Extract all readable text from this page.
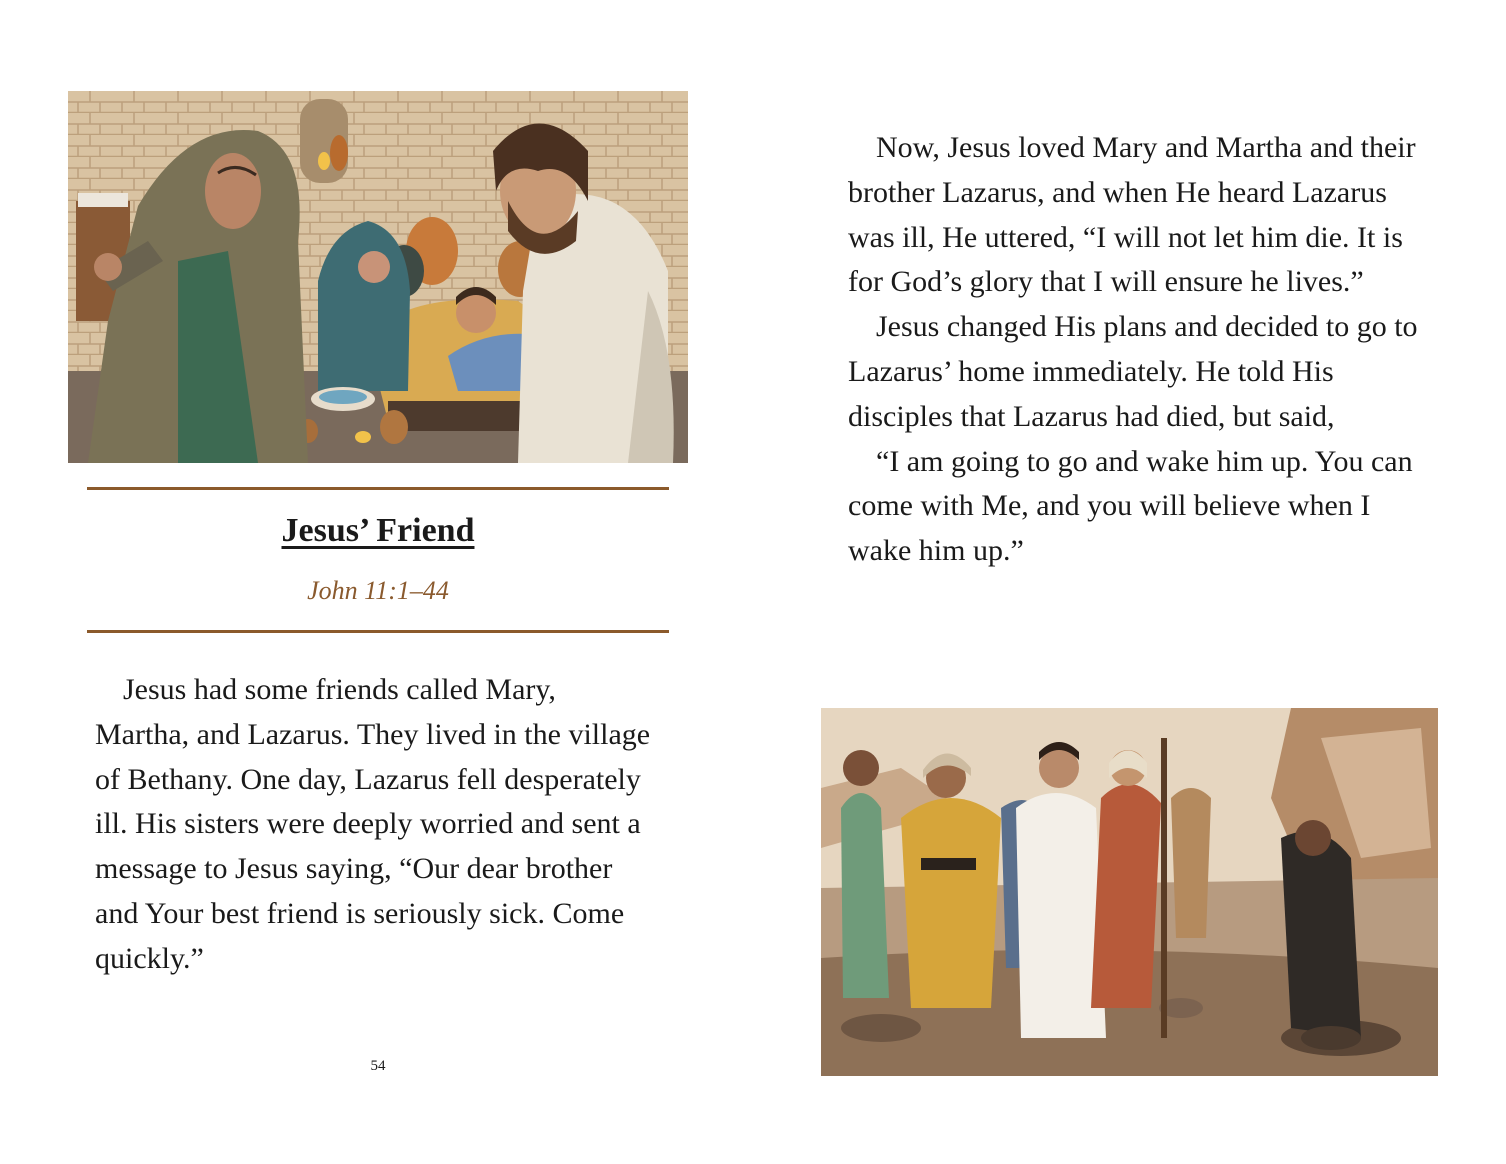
Jesus’ Friend
John 11:1–44

Jesus had some friends called Mary, Martha, and Lazarus. They lived in the village of Bethany. One day, Lazarus fell desperately ill. His sisters were deeply worried and sent a message to Jesus saying, “Our dear brother and Your best friend is seriously sick. Come quickly.”

54

Now, Jesus loved Mary and Martha and their brother Lazarus, and when He heard Lazarus was ill, He uttered, “I will not let him die. It is for God’s glory that I will ensure he lives.”

Jesus changed His plans and decided to go to Lazarus’ home immediately. He told His disciples that Lazarus had died, but said,

“I am going to go and wake him up. You can come with Me, and you will believe when I wake him up.”
